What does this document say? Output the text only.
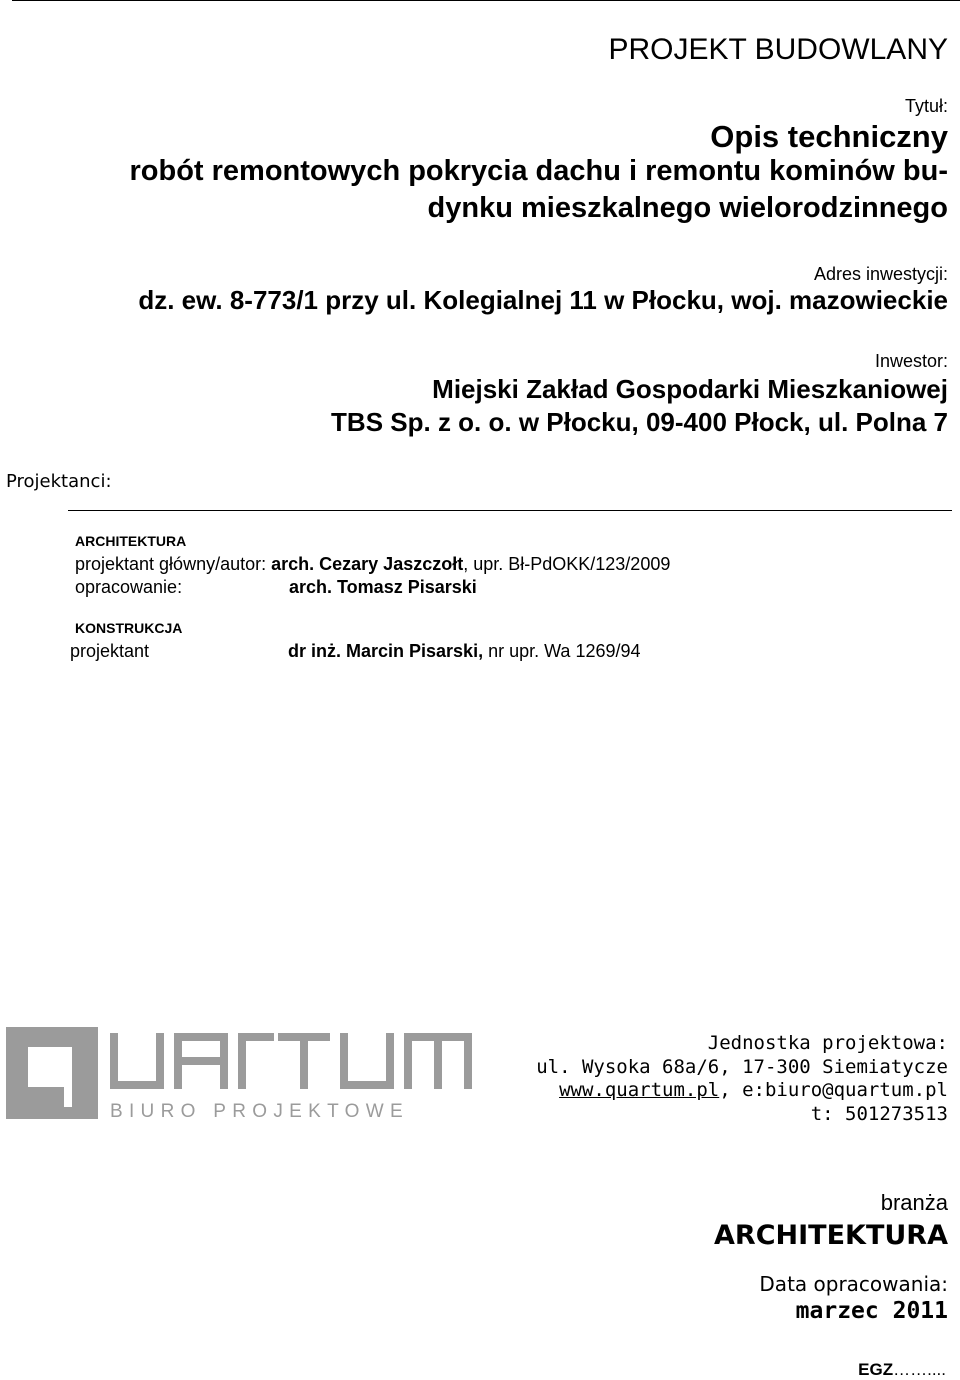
PROJEKT BUDOWLANY
Tytuł:
Opis techniczny
robót remontowych pokrycia dachu i remontu kominów bu-
dynku mieszkalnego wielorodzinnego
Adres inwestycji:
dz. ew. 8-773/1 przy ul. Kolegialnej 11 w Płocku, woj. mazowieckie
Inwestor:
Miejski Zakład Gospodarki Mieszkaniowej
TBS Sp. z o. o. w Płocku, 09-400 Płock, ul. Polna 7
Projektanci:
ARCHITEKTURA
projektant główny/autor: arch. Cezary Jaszczołt, upr. Bł-PdOKK/123/2009
opracowanie:	arch. Tomasz Pisarski
KONSTRUKCJA
projektant	dr inż. Marcin Pisarski, nr upr. Wa 1269/94
BIURO PROJEKTOWE
Jednostka projektowa:
ul. Wysoka 68a/6, 17-300 Siemiatycze
www.quartum.pl, e:biuro@quartum.pl
t: 501273513
branża
ARCHITEKTURA
Data opracowania:
marzec 2011
EGZ……....
